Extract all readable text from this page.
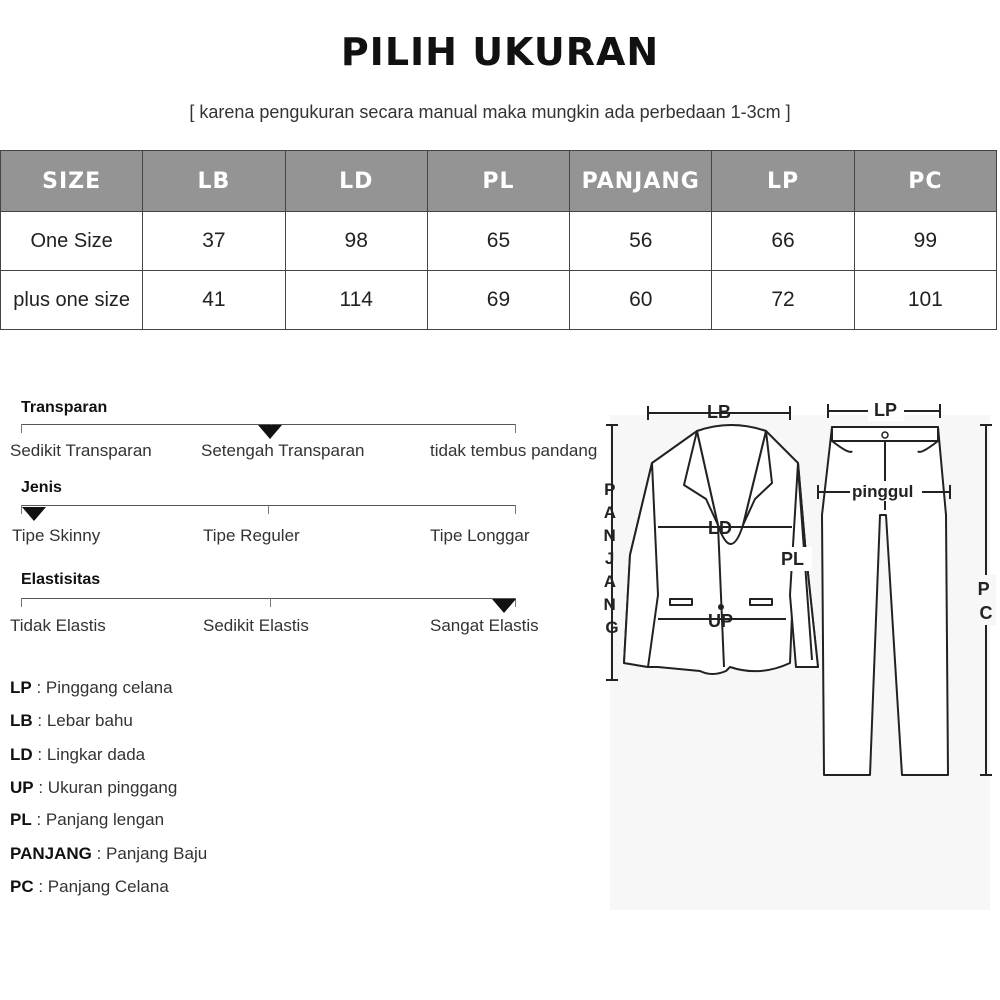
PILIH UKURAN
[ karena pengukuran secara manual maka mungkin ada perbedaan 1-3cm ]
SIZE	LB	LD	PL	PANJANG	LP	PC
One Size	37	98	65	56	66	99
plus one size	41	114	69	60	72	101
Transparan
Sedikit Transparan	Setengah Transparan	tidak tembus pandang
Jenis
Tipe Skinny	Tipe Reguler	Tipe Longgar
Elastisitas
Tidak Elastis	Sedikit Elastis	Sangat Elastis
LP : Pinggang celana
LB : Lebar bahu
LD : Lingkar dada
UP : Ukuran pinggang
PL : Panjang lengan
PANJANG : Panjang Baju
PC : Panjang Celana
LB
LD
UP
PL
P A N J A N G
LP
pinggul
P C
